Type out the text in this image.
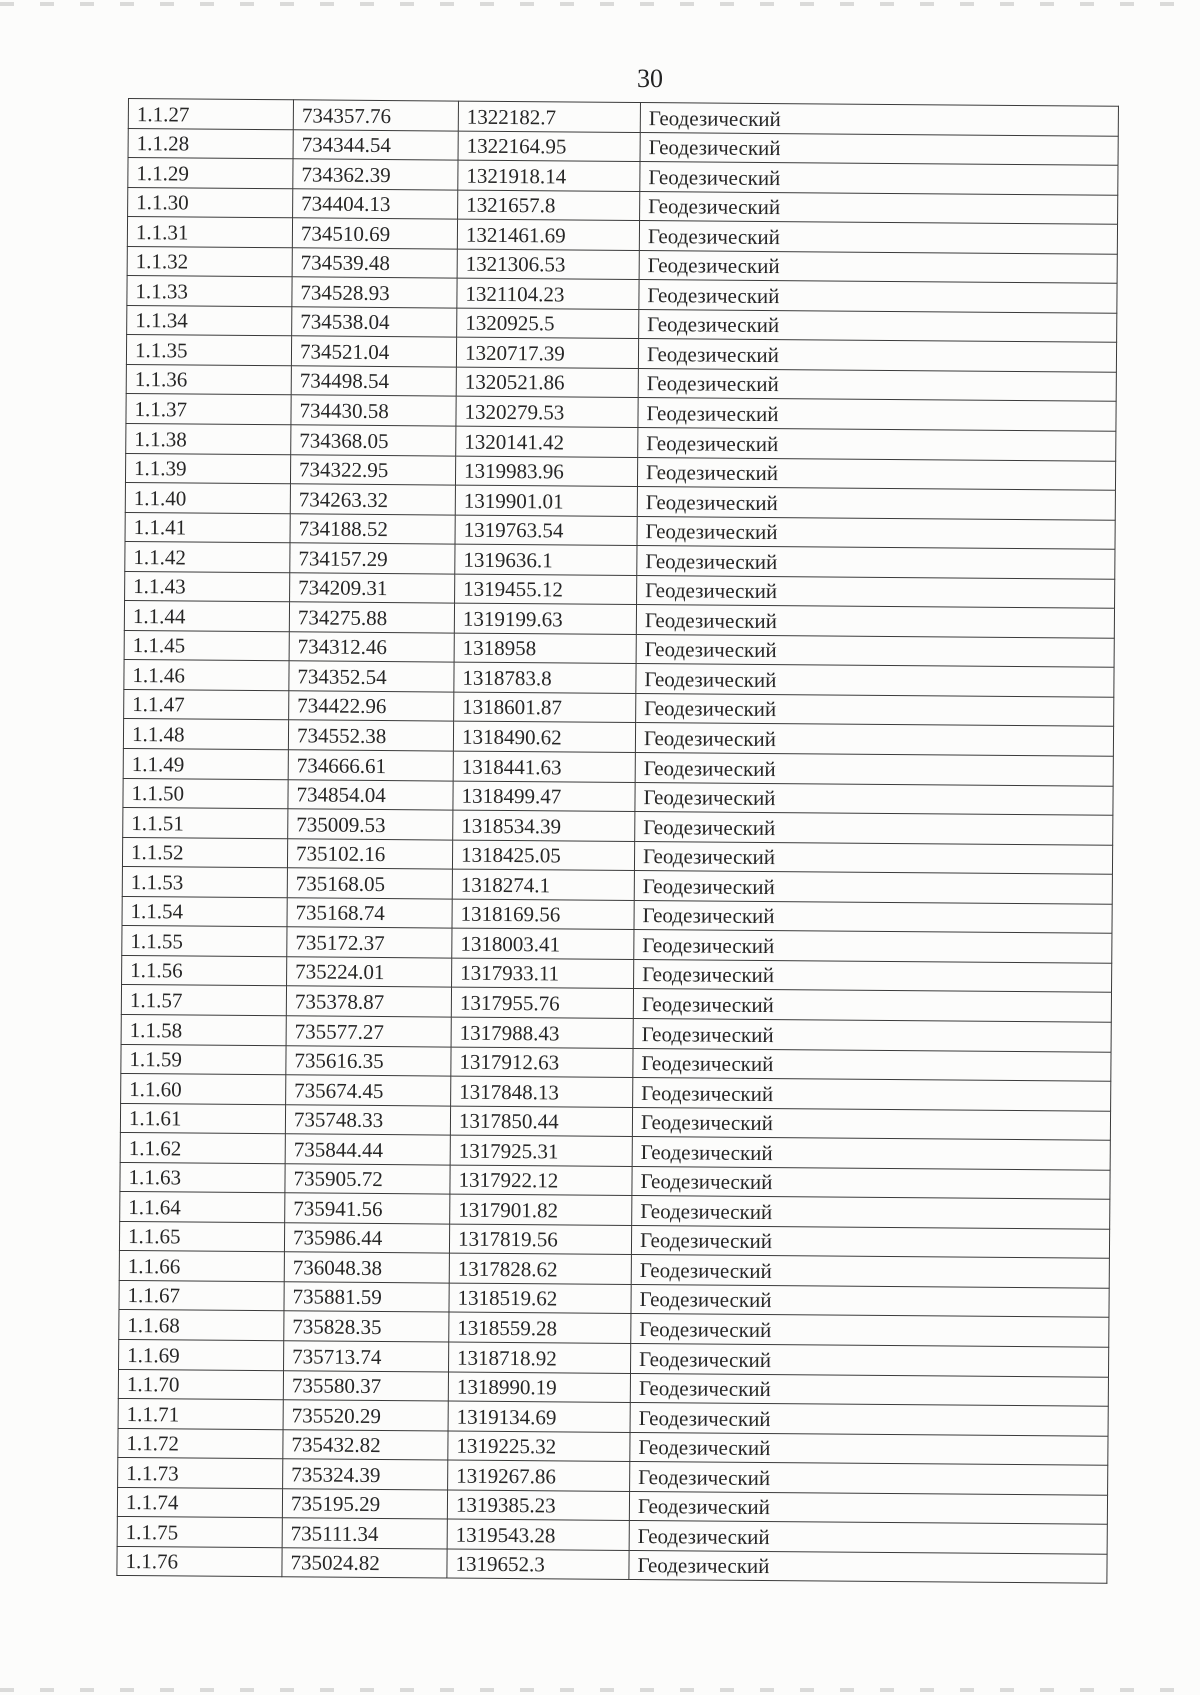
30
1.1.27	734357.76	1322182.7	Геодезический
1.1.28	734344.54	1322164.95	Геодезический
1.1.29	734362.39	1321918.14	Геодезический
1.1.30	734404.13	1321657.8	Геодезический
1.1.31	734510.69	1321461.69	Геодезический
1.1.32	734539.48	1321306.53	Геодезический
1.1.33	734528.93	1321104.23	Геодезический
1.1.34	734538.04	1320925.5	Геодезический
1.1.35	734521.04	1320717.39	Геодезический
1.1.36	734498.54	1320521.86	Геодезический
1.1.37	734430.58	1320279.53	Геодезический
1.1.38	734368.05	1320141.42	Геодезический
1.1.39	734322.95	1319983.96	Геодезический
1.1.40	734263.32	1319901.01	Геодезический
1.1.41	734188.52	1319763.54	Геодезический
1.1.42	734157.29	1319636.1	Геодезический
1.1.43	734209.31	1319455.12	Геодезический
1.1.44	734275.88	1319199.63	Геодезический
1.1.45	734312.46	1318958	Геодезический
1.1.46	734352.54	1318783.8	Геодезический
1.1.47	734422.96	1318601.87	Геодезический
1.1.48	734552.38	1318490.62	Геодезический
1.1.49	734666.61	1318441.63	Геодезический
1.1.50	734854.04	1318499.47	Геодезический
1.1.51	735009.53	1318534.39	Геодезический
1.1.52	735102.16	1318425.05	Геодезический
1.1.53	735168.05	1318274.1	Геодезический
1.1.54	735168.74	1318169.56	Геодезический
1.1.55	735172.37	1318003.41	Геодезический
1.1.56	735224.01	1317933.11	Геодезический
1.1.57	735378.87	1317955.76	Геодезический
1.1.58	735577.27	1317988.43	Геодезический
1.1.59	735616.35	1317912.63	Геодезический
1.1.60	735674.45	1317848.13	Геодезический
1.1.61	735748.33	1317850.44	Геодезический
1.1.62	735844.44	1317925.31	Геодезический
1.1.63	735905.72	1317922.12	Геодезический
1.1.64	735941.56	1317901.82	Геодезический
1.1.65	735986.44	1317819.56	Геодезический
1.1.66	736048.38	1317828.62	Геодезический
1.1.67	735881.59	1318519.62	Геодезический
1.1.68	735828.35	1318559.28	Геодезический
1.1.69	735713.74	1318718.92	Геодезический
1.1.70	735580.37	1318990.19	Геодезический
1.1.71	735520.29	1319134.69	Геодезический
1.1.72	735432.82	1319225.32	Геодезический
1.1.73	735324.39	1319267.86	Геодезический
1.1.74	735195.29	1319385.23	Геодезический
1.1.75	735111.34	1319543.28	Геодезический
1.1.76	735024.82	1319652.3	Геодезический
